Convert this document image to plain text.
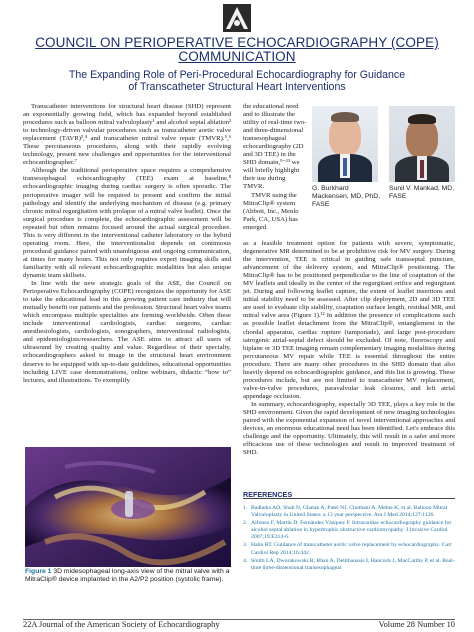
COUNCIL ON PERIOPERATIVE ECHOCARDIOGRAPHY (COPE)
COMMUNICATION
The Expanding Role of Peri-Procedural Echocardiography for Guidance
of Transcatheter Structural Heart Interventions

Transcatheter interventions for structural heart disease (SHD) represent an exponentially growing field, which has expanded beyond established procedures such as balloon mitral valvuloplasty¹ and alcohol septal ablation² to technology-driven valvular procedures such as transcatheter aortic valve replacement (TAVR)³,⁴ and transcatheter mitral valve repair (TMVR).⁵,⁶ These percutaneous procedures, along with their rapidly evolving technology, present new challenges and opportunities for the interventional echocardiographer.⁷

Although the traditional perioperative space requires a comprehensive transesophageal echocardiography (TEE) exam at baseline,⁸ echocardiographic imaging during cardiac surgery is often sporadic. The perioperative imager will be required to present and confirm the initial pathology and identify the underlying mechanism of disease (e.g. primary chronic mitral regurgitation with prolapse of a mitral valve leaflet). Once the surgical procedure is complete, the echocardiographic assessment will be repeated but often remains focused around the actual surgical procedure. This is very different in the interventional catheter laboratory or the hybrid operating room. Here, the interventionalist depends on continuous procedural guidance paired with unambiguous and ongoing communication, at times for many hours. This not only requires expert imaging skills and familiarity with all relevant echocardiographic modalities but also unique dynamic team skillsets.

In line with the new strategic goals of the ASE, the Council on Perioperative Echocardiography (COPE) recognizes the opportunity for ASE to take the educational lead in this growing patient care industry that will mutually benefit our patients and the profession. Structural heart valve teams which encompass multiple specialties are forming worldwide. Often these include interventional cardiologists, cardiac surgeons, cardiac anesthesiologists, cardiologists, sonographers, interventional radiologists, and epidemiologists/researchers. The ASE aims to attract all users of ultrasound by creating quality and value. Regardless of their specialty, echocardiographers asked to image in the structural heart environment deserve to be equipped with up-to-date guidelines, educational opportunities including LIVE case demonstrations, online webinars, didactic “how to” lectures, and illustrations. To exemplify

the educational need and to illustrate the utility of real-time two- and three-dimensional transesophageal echocardiography (2D and 3D TEE) in the SHD domain,⁹⁻¹¹ we will briefly highlight their use during TMVR.

TMVR using the MitraClip® system (Abbott, Inc., Menlo Park, CA, USA) has emerged

G. Burkhard Mackensen, MD, PhD, FASE
Sunil V. Mankad, MD, FASE

as a feasible treatment option for patients with severe, symptomatic, degenerative MR determined to be at prohibitive risk for MV surgery. During the intervention, TEE is critical in guiding safe transseptal puncture, advancement of the delivery system, and MitraClip® positioning. The MitraClip® has to be positioned perpendicular to the line of coaptation of the MV leaflets and ideally in the center of the regurgitant orifice and regurgitant jet. During and following leaflet capture, the extent of leaflet insertions and initial stability need to be assessed. After clip deployment, 2D and 3D TEE are used to evaluate clip stability, coaptation surface length, residual MR, and mitral valve area (Figure 1).¹² In addition the presence of complications such as possible leaflet detachment from the MitraClip®, entanglement in the chordal apparatus, cardiac rupture (tamponade), and large post-procedure iatrogenic atrial-septal defect should be excluded. Of note, fluoroscopy and biplane or 3D TEE imaging remain complementary imaging modalities during percutaneous MV repair while TEE is essential throughout the entire procedure. There are many other procedures in the SHD domain that also heavily depend on echocardiographic guidance, and this list is growing. These procedures include, but are not limited to transcatheter MV replacement, valve-in-valve procedures, paravalvular leak closures, and left atrial appendage occlusion.

In summary, echocardiography, especially 3D TEE, plays a key role in the SHD environment. Given the rapid development of new imaging technologies paired with the exponential expansion of novel interventional approaches and devices, an enormous educational need has been identified. Let's embrace this challenge and the opportunity. Ultimately, this will result in a safer and more efficacious use of these technologies and result in improved treatment of SHD.

Figure 1 3D midesophageal long-axis view of the mitral valve with a MitraClip® device implanted in the A2/P2 position (systolic frame).
REFERENCES
1. Badheka AO, Shah N, Ghatak A, Patel NJ, Chothani A, Mehta K, et al. Balloon Mitral Valvuloplasty in United States: a 13 year perspective. Am J Med 2014;127:1126.
2. Alfonso F, Martín D, Fernández Vázquez F. Intracardiac echocardiography guidance for alcohol septal ablation in hypertrophic obstructive cardiomyopathy. J Invasive Cardiol 2007;19:E314-6.
3. Hahn RT. Guidance of transcatheter aortic valve replacement by echocardiography. Curr Cardiol Rep 2014;16:442.
4. Smith LA, Dworakowski R, Bhan A, Delithanasis I, Hancock J, MacCarthy P, et al. Real-time three-dimensional transesophageal
22A Journal of the American Society of Echocardiography	Volume 28 Number 10
